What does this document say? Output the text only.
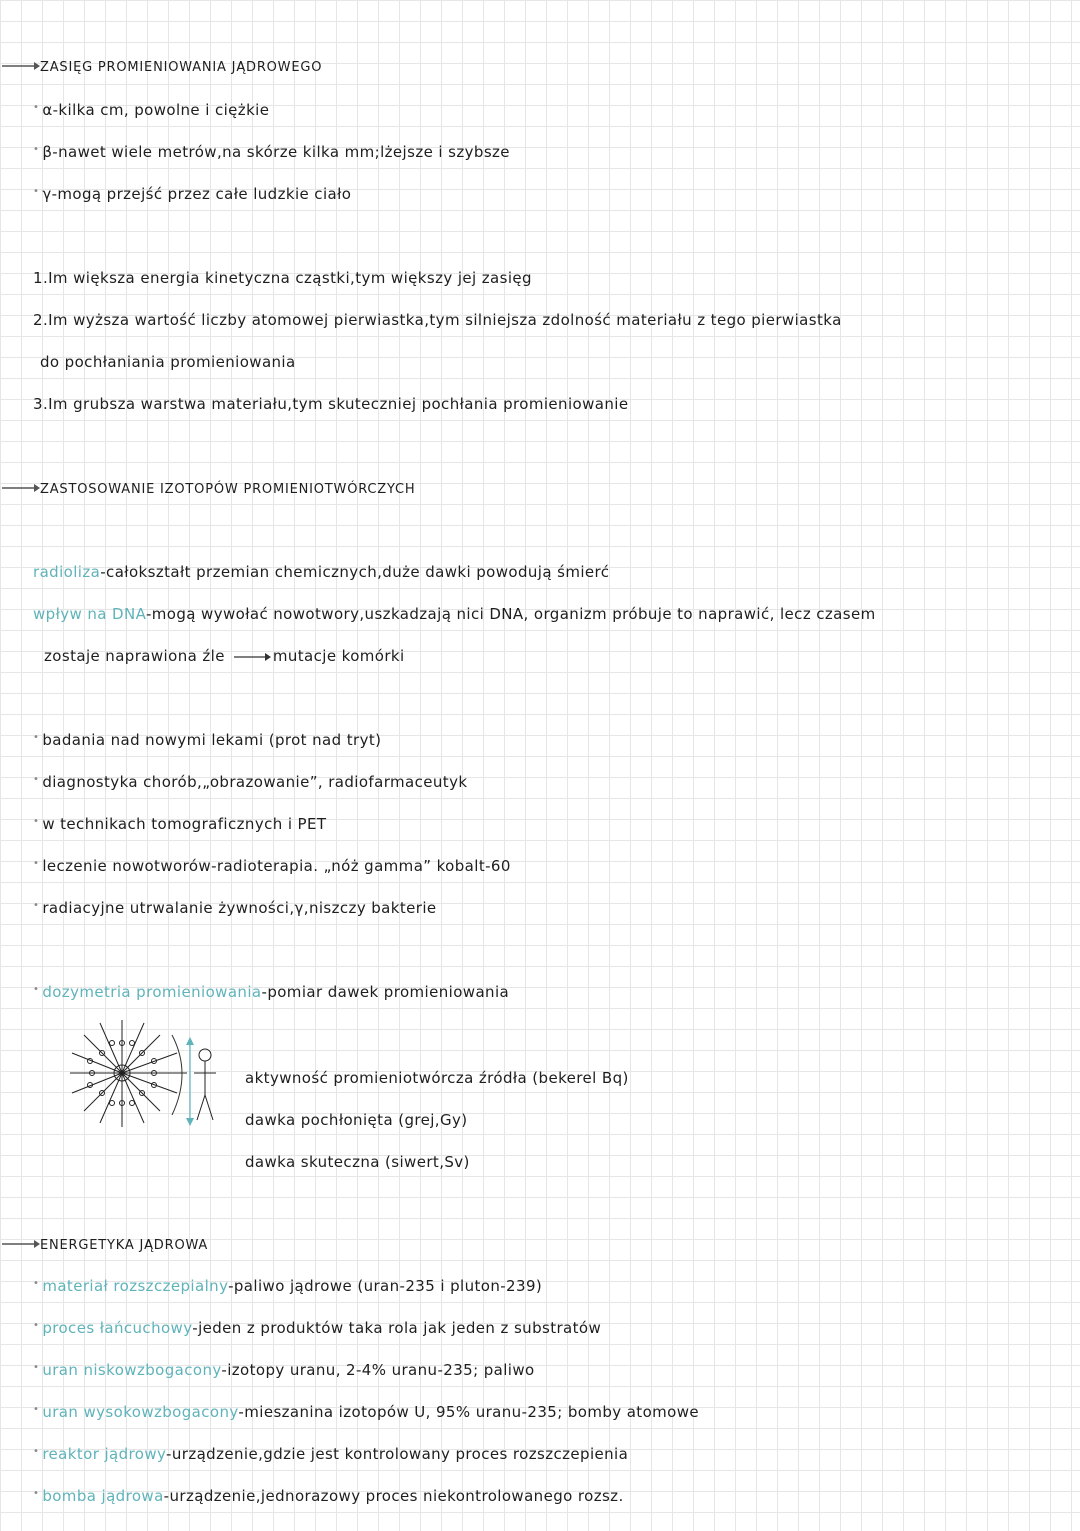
ZASIĘG PROMIENIOWANIA JĄDROWEGO
• α-kilka cm, powolne i ciężkie
• β-nawet wiele metrów,na skórze kilka mm;lżejsze i szybsze
• γ-mogą przejść przez całe ludzkie ciało
1.Im większa energia kinetyczna cząstki,tym większy jej zasięg
2.Im wyższa wartość liczby atomowej pierwiastka,tym silniejsza zdolność materiału z tego pierwiastka
do pochłaniania promieniowania
3.Im grubsza warstwa materiału,tym skuteczniej pochłania promieniowanie
ZASTOSOWANIE IZOTOPÓW PROMIENIOTWÓRCZYCH
radioliza-całokształt przemian chemicznych,duże dawki powodują śmierć
wpływ na DNA-mogą wywołać nowotwory,uszkadzają nici DNA, organizm próbuje to naprawić, lecz czasem
zostaje naprawiona źle	mutacje komórki
• badania nad nowymi lekami (prot nad tryt)
• diagnostyka chorób,„obrazowanie”, radiofarmaceutyk
• w technikach tomograficznych i PET
• leczenie nowotworów-radioterapia. „nóż gamma” kobalt-60
• radiacyjne utrwalanie żywności,γ,niszczy bakterie
• dozymetria promieniowania-pomiar dawek promieniowania
aktywność promieniotwórcza źródła (bekerel Bq)
dawka pochłonięta (grej,Gy)
dawka skuteczna (siwert,Sv)
ENERGETYKA JĄDROWA
• materiał rozszczepialny-paliwo jądrowe (uran-235 i pluton-239)
• proces łańcuchowy-jeden z produktów taka rola jak jeden z substratów
• uran niskowzbogacony-izotopy uranu, 2-4% uranu-235; paliwo
• uran wysokowzbogacony-mieszanina izotopów U, 95% uranu-235; bomby atomowe
• reaktor jądrowy-urządzenie,gdzie jest kontrolowany proces rozszczepienia
• bomba jądrowa-urządzenie,jednorazowy proces niekontrolowanego rozsz.
